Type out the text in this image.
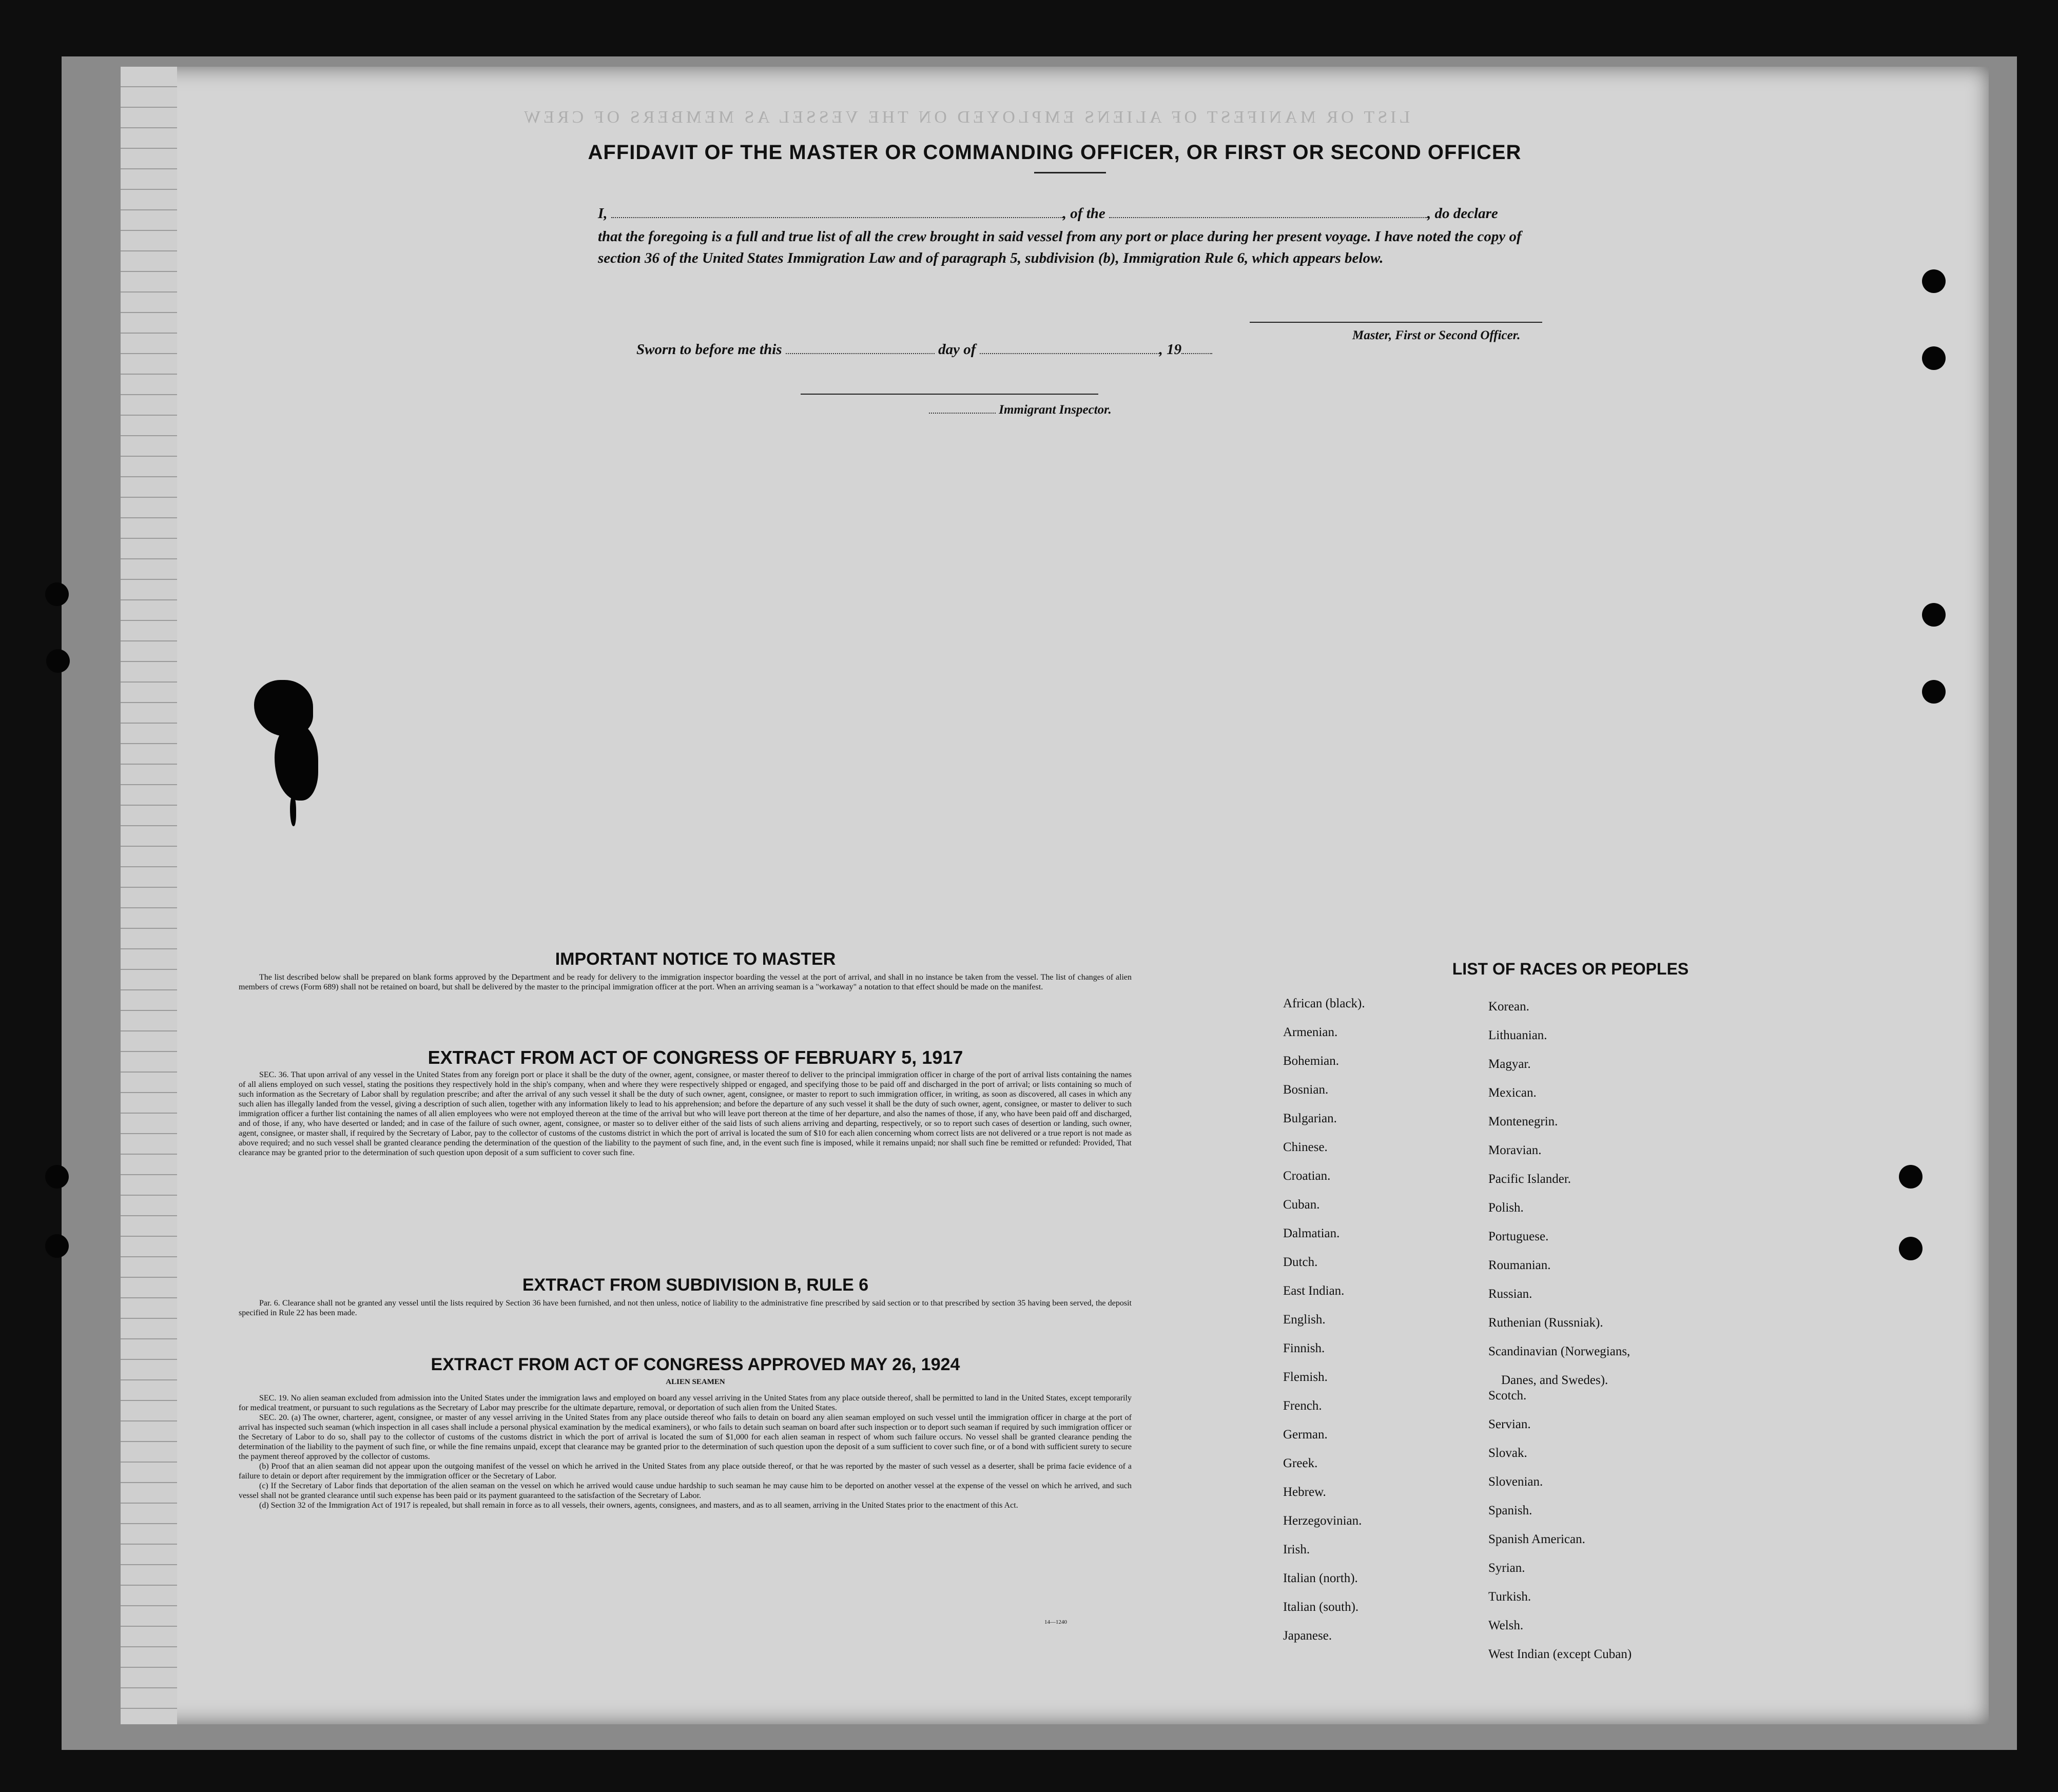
LIST OR MANIFEST OF ALIENS EMPLOYED ON THE VESSEL AS MEMBERS OF CREW
AFFIDAVIT OF THE MASTER OR COMMANDING OFFICER, OR FIRST OR SECOND OFFICER
I,	, of the	, do declare
that the foregoing is a full and true list of all the crew brought in said vessel from any port or place during her present voyage. I have noted the copy of section 36 of the United States Immigration Law and of paragraph 5, subdivision (b), Immigration Rule 6, which appears below.
Master, First or Second Officer.
Sworn to before me this	day of	, 19
Immigrant Inspector.
IMPORTANT NOTICE TO MASTER
The list described below shall be prepared on blank forms approved by the Department and be ready for delivery to the immigration inspector boarding the vessel at the port of arrival, and shall in no instance be taken from the vessel. The list of changes of alien members of crews (Form 689) shall not be retained on board, but shall be delivered by the master to the principal immigration officer at the port. When an arriving seaman is a "workaway" a notation to that effect should be made on the manifest.
EXTRACT FROM ACT OF CONGRESS OF FEBRUARY 5, 1917
SEC. 36. That upon arrival of any vessel in the United States from any foreign port or place it shall be the duty of the owner, agent, consignee, or master thereof to deliver to the principal immigration officer in charge of the port of arrival lists containing the names of all aliens employed on such vessel, stating the positions they respectively hold in the ship's company, when and where they were respectively shipped or engaged, and specifying those to be paid off and discharged in the port of arrival; or lists containing so much of such information as the Secretary of Labor shall by regulation prescribe; and after the arrival of any such vessel it shall be the duty of such owner, agent, consignee, or master to report to such immigration officer, in writing, as soon as discovered, all cases in which any such alien has illegally landed from the vessel, giving a description of such alien, together with any information likely to lead to his apprehension; and before the departure of any such vessel it shall be the duty of such owner, agent, consignee, or master to deliver to such immigration officer a further list containing the names of all alien employees who were not employed thereon at the time of the arrival but who will leave port thereon at the time of her departure, and also the names of those, if any, who have been paid off and discharged, and of those, if any, who have deserted or landed; and in case of the failure of such owner, agent, consignee, or master so to deliver either of the said lists of such aliens arriving and departing, respectively, or so to report such cases of desertion or landing, such owner, agent, consignee, or master shall, if required by the Secretary of Labor, pay to the collector of customs of the customs district in which the port of arrival is located the sum of $10 for each alien concerning whom correct lists are not delivered or a true report is not made as above required; and no such vessel shall be granted clearance pending the determination of the question of the liability to the payment of such fine, and, in the event such fine is imposed, while it remains unpaid; nor shall such fine be remitted or refunded: Provided, That clearance may be granted prior to the determination of such question upon deposit of a sum sufficient to cover such fine.
EXTRACT FROM SUBDIVISION B, RULE 6
Par. 6. Clearance shall not be granted any vessel until the lists required by Section 36 have been furnished, and not then unless, notice of liability to the administrative fine prescribed by said section or to that prescribed by section 35 having been served, the deposit specified in Rule 22 has been made.
EXTRACT FROM ACT OF CONGRESS APPROVED MAY 26, 1924
ALIEN SEAMEN
SEC. 19. No alien seaman excluded from admission into the United States under the immigration laws and employed on board any vessel arriving in the United States from any place outside thereof, shall be permitted to land in the United States, except temporarily for medical treatment, or pursuant to such regulations as the Secretary of Labor may prescribe for the ultimate departure, removal, or deportation of such alien from the United States.
SEC. 20. (a) The owner, charterer, agent, consignee, or master of any vessel arriving in the United States from any place outside thereof who fails to detain on board any alien seaman employed on such vessel until the immigration officer in charge at the port of arrival has inspected such seaman (which inspection in all cases shall include a personal physical examination by the medical examiners), or who fails to detain such seaman on board after such inspection or to deport such seaman if required by such immigration officer or the Secretary of Labor to do so, shall pay to the collector of customs of the customs district in which the port of arrival is located the sum of $1,000 for each alien seaman in respect of whom such failure occurs. No vessel shall be granted clearance pending the determination of the liability to the payment of such fine, or while the fine remains unpaid, except that clearance may be granted prior to the determination of such question upon the deposit of a sum sufficient to cover such fine, or of a bond with sufficient surety to secure the payment thereof approved by the collector of customs.
(b) Proof that an alien seaman did not appear upon the outgoing manifest of the vessel on which he arrived in the United States from any place outside thereof, or that he was reported by the master of such vessel as a deserter, shall be prima facie evidence of a failure to detain or deport after requirement by the immigration officer or the Secretary of Labor.
(c) If the Secretary of Labor finds that deportation of the alien seaman on the vessel on which he arrived would cause undue hardship to such seaman he may cause him to be deported on another vessel at the expense of the vessel on which he arrived, and such vessel shall not be granted clearance until such expense has been paid or its payment guaranteed to the satisfaction of the Secretary of Labor.
(d) Section 32 of the Immigration Act of 1917 is repealed, but shall remain in force as to all vessels, their owners, agents, consignees, and masters, and as to all seamen, arriving in the United States prior to the enactment of this Act.
14—1240
LIST OF RACES OR PEOPLES
African (black).
Armenian.
Bohemian.
Bosnian.
Bulgarian.
Chinese.
Croatian.
Cuban.
Dalmatian.
Dutch.
East Indian.
English.
Finnish.
Flemish.
French.
German.
Greek.
Hebrew.
Herzegovinian.
Irish.
Italian (north).
Italian (south).
Japanese.
Korean.
Lithuanian.
Magyar.
Mexican.
Montenegrin.
Moravian.
Pacific Islander.
Polish.
Portuguese.
Roumanian.
Russian.
Ruthenian (Russniak).
Scandinavian (Norwegians,
Danes, and Swedes).
Scotch.
Servian.
Slovak.
Slovenian.
Spanish.
Spanish American.
Syrian.
Turkish.
Welsh.
West Indian (except Cuban)
